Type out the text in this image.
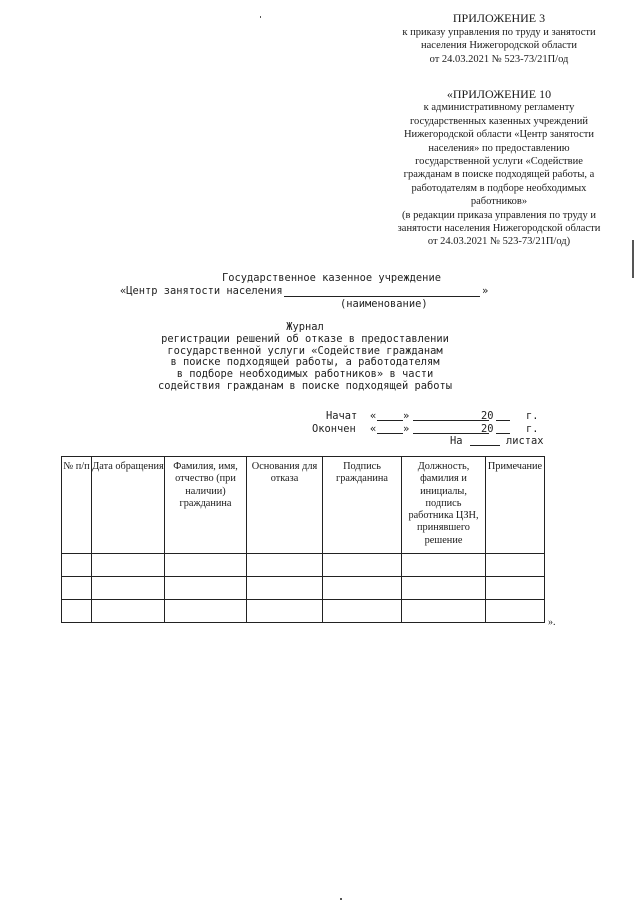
ПРИЛОЖЕНИЕ 3
к приказу управления по труду и занятости
населения Нижегородской области
от 24.03.2021 № 523-73/21П/од
«ПРИЛОЖЕНИЕ 10
к административному регламенту
государственных казенных учреждений
Нижегородской области «Центр занятости
населения» по предоставлению
государственной услуги «Содействие
гражданам в поиске подходящей работы, а
работодателям в подборе необходимых
работников»
(в редакции приказа управления по труду и
занятости населения Нижегородской области
от 24.03.2021 № 523-73/21П/од)
Государственное казенное учреждение
«Центр занятости населения	»
(наименование)
Журнал
регистрации решений об отказе в предоставлении
государственной услуги «Содействие гражданам
в поиске подходящей работы, а работодателям
в подборе необходимых работников» в части
содействия гражданам в поиске подходящей работы
Начат «	»	20	г.
Окончен «	»	20	г.
На	листах
№ п/п	Дата обращения	Фамилия, имя, отчество (при наличии) гражданина	Основания для отказа	Подпись гражданина	Должность, фамилия и инициалы, подпись работника ЦЗН, принявшего решение	Примечание

».
